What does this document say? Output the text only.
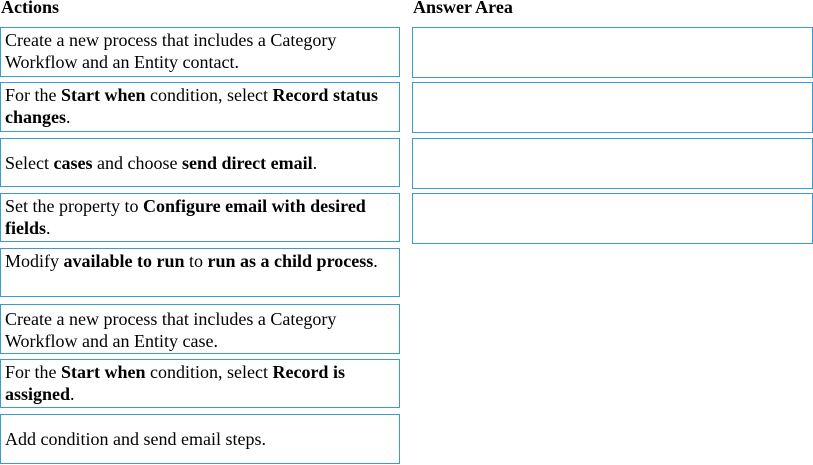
Actions	Answer Area
Create a new process that includes a Category Workflow and an Entity contact.
For the Start when condition, select Record status changes.
Select cases and choose send direct email.
Set the property to Configure email with desired fields.
Modify available to run to run as a child process.
Create a new process that includes a Category Workflow and an Entity case.
For the Start when condition, select Record is assigned.
Add condition and send email steps.
